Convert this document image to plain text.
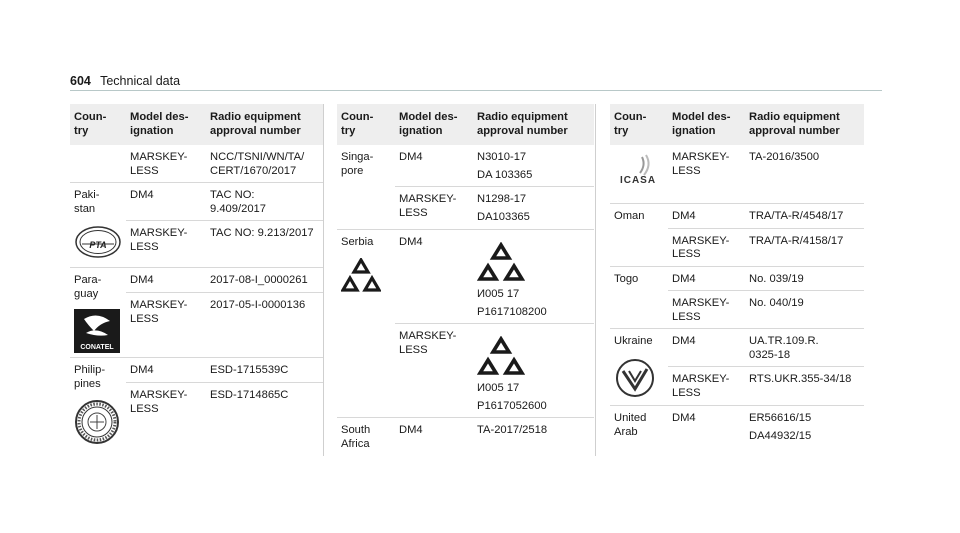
604 Technical data
Coun-
try	Model des-
ignation	Radio equipment
approval number

	MARSKEY-
LESS	NCC/TSNI/WN/TA/
CERT/1670/2017

Paki-
stan
PTA	DM4	TAC NO:
9.409/2017

	MARSKEY-
LESS	TAC NO: 9.213/2017

Para-
guay
CONATEL	DM4	2017-08-I_0000261

	MARSKEY-
LESS	2017-05-I-0000136

Philip-
pines	DM4	ESD-1715539C

	MARSKEY-
LESS	ESD-1714865C
Coun-
try	Model des-
ignation	Radio equipment
approval number

Singa-
pore	DM4	N3010-17
DA 103365

	MARSKEY-
LESS	N1298-17
DA103365

Serbia	DM4	И005 17
P1617108200

	MARSKEY-
LESS	И005 17
P1617052600

South
Africa	DM4	TA-2017/2518
Coun-
try	Model des-
ignation	Radio equipment
approval number

ICASA	MARSKEY-
LESS	TA-2016/3500
Oman	DM4	TRA/TA-R/4548/17

	MARSKEY-
LESS	TRA/TA-R/4158/17
Togo	DM4	No. 039/19

	MARSKEY-
LESS	No. 040/19

Ukraine	DM4	UA.TR.109.R.
0325-18

	MARSKEY-
LESS	RTS.UKR.355-34/18

United
Arab	DM4	ER56616/15
DA44932/15
